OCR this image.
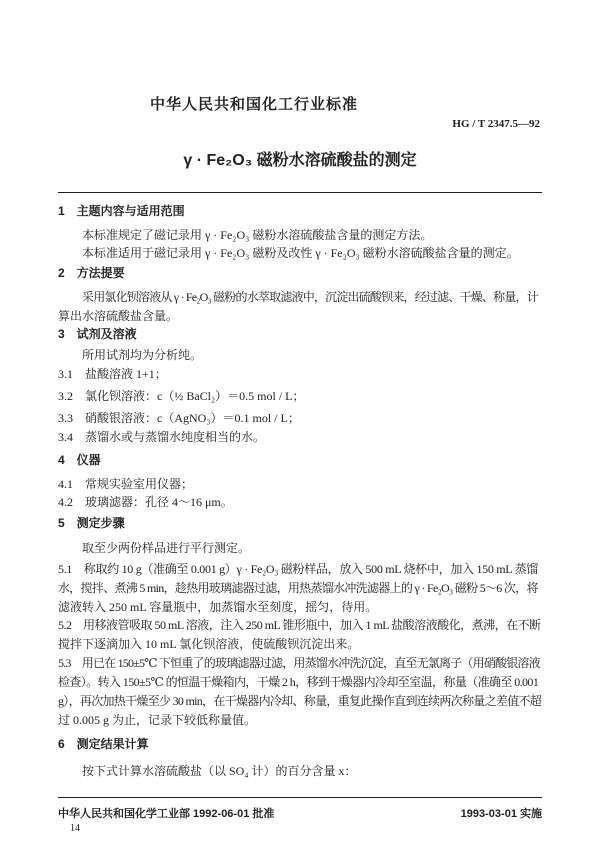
中华人民共和国化工行业标准
HG / T 2347.5—92
γ · Fe₂O₃ 磁粉水溶硫酸盐的测定
1　主题内容与适用范围
本标准规定了磁记录用 γ · Fe₂O₃ 磁粉水溶硫酸盐含量的测定方法。
本标准适用于磁记录用 γ · Fe₂O₃ 磁粉及改性 γ · Fe₂O₃ 磁粉水溶硫酸盐含量的测定。
2　方法提要
采用氯化钡溶液从 γ · Fe₂O₃ 磁粉的水萃取滤液中，沉淀出硫酸钡来，经过滤、干燥、称量，计
算出水溶硫酸盐含量。
3　试剂及溶液
所用试剂均为分析纯。
3.1　盐酸溶液 1+1；
3.2　氯化钡溶液：c（½ BaCl₂）＝0.5 mol / L；
3.3　硝酸银溶液：c（AgNO₃）＝0.1 mol / L；
3.4　蒸馏水或与蒸馏水纯度相当的水。
4　仪器
4.1　常规实验室用仪器；
4.2　玻璃滤器：孔径 4～16 μm。
5　测定步骤
取至少两份样品进行平行测定。
5.1　称取约 10 g（准确至 0.001 g）γ · Fe₂O₃ 磁粉样品，放入 500 mL 烧杯中，加入 150 mL 蒸馏
水，搅拌、煮沸 5 min，趁热用玻璃滤器过滤，用热蒸馏水冲洗滤器上的 γ · Fe₂O₃ 磁粉 5～6 次，将
滤液转入 250 mL 容量瓶中，加蒸馏水至刻度，摇匀，待用。
5.2　用移液管吸取 50 mL 溶液，注入 250 mL 锥形瓶中，加入 1 mL 盐酸溶液酸化，煮沸，在不断
搅拌下逐滴加入 10 mL 氯化钡溶液，使硫酸钡沉淀出来。
5.3　用已在 150±5℃ 下恒重了的玻璃滤器过滤，用蒸馏水冲洗沉淀，直至无氯离子（用硝酸银溶液
检查）。转入 150±5℃ 的恒温干燥箱内，干燥 2 h，移到干燥器内冷却至室温，称量（准确至 0.001
g），再次加热干燥至少 30 min，在干燥器内冷却、称量，重复此操作直到连续两次称量之差值不超
过 0.005 g 为止，记录下较低称量值。
6　测定结果计算
按下式计算水溶硫酸盐（以 SO₄ 计）的百分含量 x：
中华人民共和国化学工业部 1992-06-01 批准	1993-03-01 实施
14
